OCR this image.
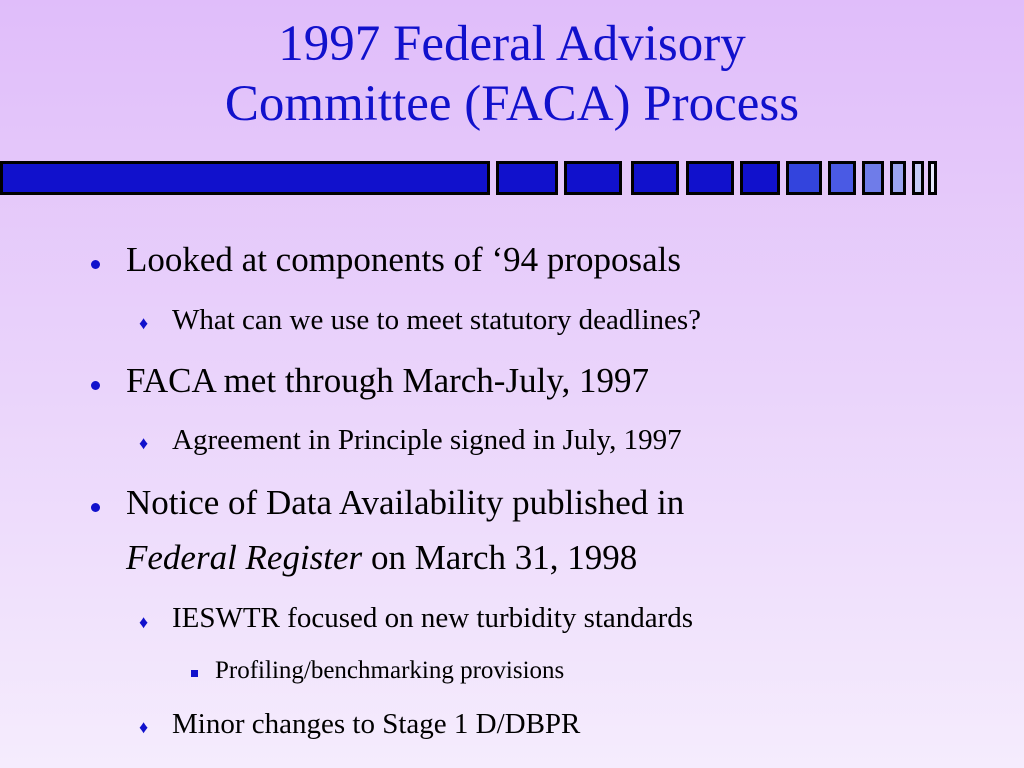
1997 Federal Advisory
Committee (FACA) Process
Looked at components of ‘94 proposals
♦ What can we use to meet statutory deadlines?
FACA met through March-July, 1997
♦ Agreement in Principle signed in July, 1997
Notice of Data Availability published in
Federal Register on March 31, 1998
♦ IESWTR focused on new turbidity standards
Profiling/benchmarking provisions
♦ Minor changes to Stage 1 D/DBPR
